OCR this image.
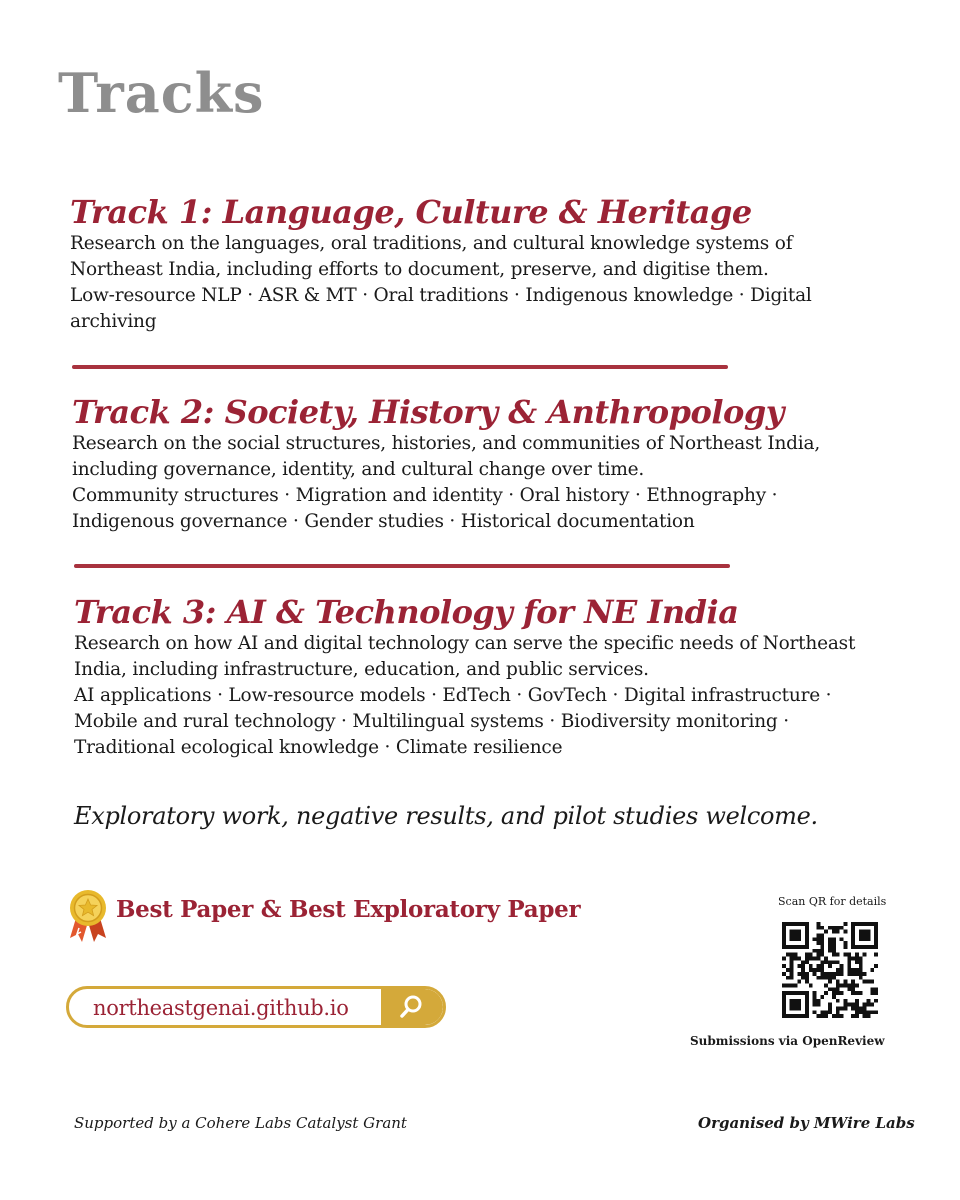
Tracks
Track 1: Language, Culture & Heritage
Research on the languages, oral traditions, and cultural knowledge systems of Northeast India, including efforts to document, preserve, and digitise them.
Low-resource NLP · ASR & MT · Oral traditions · Indigenous knowledge · Digital archiving
Track 2: Society, History & Anthropology
Research on the social structures, histories, and communities of Northeast India, including governance, identity, and cultural change over time.
Community structures · Migration and identity · Oral history · Ethnography · Indigenous governance · Gender studies · Historical documentation
Track 3: AI & Technology for NE India
Research on how AI and digital technology can serve the specific needs of Northeast India, including infrastructure, education, and public services.
AI applications · Low-resource models · EdTech · GovTech · Digital infrastructure · Mobile and rural technology · Multilingual systems · Biodiversity monitoring · Traditional ecological knowledge · Climate resilience
Exploratory work, negative results, and pilot studies welcome.
Best Paper & Best Exploratory Paper
northeastgenai.github.io
Scan QR for details
Submissions via OpenReview
Supported by a Cohere Labs Catalyst Grant	Organised by MWire Labs
